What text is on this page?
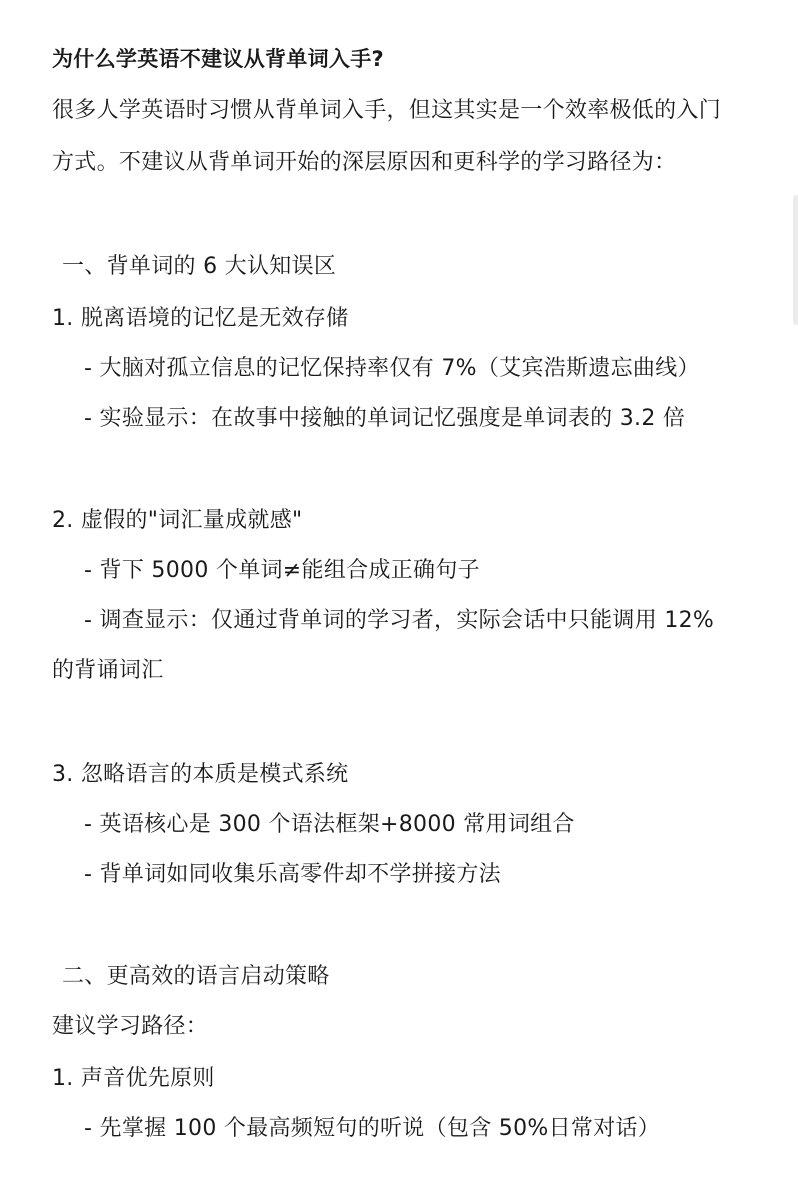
为什么学英语不建议从背单词入手?
很多人学英语时习惯从背单词入手，但这其实是一个效率极低的入门
方式。不建议从背单词开始的深层原因和更科学的学习路径为：
一、背单词的 6 大认知误区
1. 脱离语境的记忆是无效存储
- 大脑对孤立信息的记忆保持率仅有 7%（艾宾浩斯遗忘曲线）
- 实验显示：在故事中接触的单词记忆强度是单词表的 3.2 倍
2. 虚假的"词汇量成就感"
- 背下 5000 个单词≠能组合成正确句子
- 调查显示：仅通过背单词的学习者，实际会话中只能调用 12%
的背诵词汇
3. 忽略语言的本质是模式系统
- 英语核心是 300 个语法框架+8000 常用词组合
- 背单词如同收集乐高零件却不学拼接方法
二、更高效的语言启动策略
建议学习路径：
1. 声音优先原则
- 先掌握 100 个最高频短句的听说（包含 50%日常对话）
